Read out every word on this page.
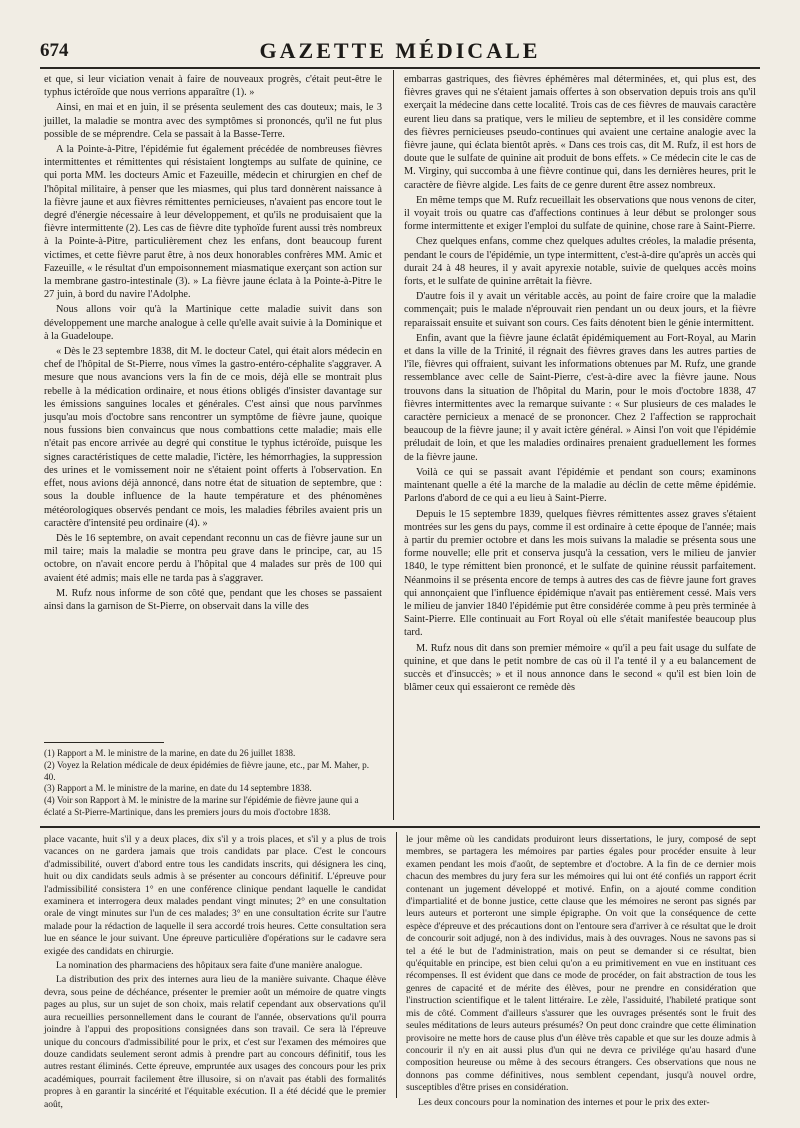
674	GAZETTE MÉDICALE

et que, si leur viciation venait à faire de nouveaux progrès, c'était peut-être le typhus ictéroïde que nous verrions apparaître (1). »

Ainsi, en mai et en juin, il se présenta seulement des cas douteux; mais, le 3 juillet, la maladie se montra avec des symptômes si prononcés, qu'il ne fut plus possible de se méprendre. Cela se passait à la Basse-Terre.

A la Pointe-à-Pitre, l'épidémie fut également précédée de nombreuses fièvres intermittentes et rémittentes qui résistaient longtemps au sulfate de quinine, ce qui porta MM. les docteurs Amic et Fazeuille, médecin et chirurgien en chef de l'hôpital militaire, à penser que les miasmes, qui plus tard donnèrent naissance à la fièvre jaune et aux fièvres rémittentes pernicieuses, n'avaient pas encore tout le degré d'énergie nécessaire à leur développement, et qu'ils ne produisaient que la fièvre intermittente (2). Les cas de fièvre dite typhoïde furent aussi très nombreux à la Pointe-à-Pitre, particulièrement chez les enfans, dont beaucoup furent victimes, et cette fièvre parut être, à nos deux honorables confrères MM. Amic et Fazeuille, « le résultat d'un empoisonnement miasmatique exerçant son action sur la membrane gastro-intestinale (3). » La fièvre jaune éclata à la Pointe-à-Pitre le 27 juin, à bord du navire l'Adolphe.

Nous allons voir qu'à la Martinique cette maladie suivit dans son développement une marche analogue à celle qu'elle avait suivie à la Dominique et à la Guadeloupe.

« Dès le 23 septembre 1838, dit M. le docteur Catel, qui était alors médecin en chef de l'hôpital de St-Pierre, nous vîmes la gastro-entéro-céphalite s'aggraver. A mesure que nous avancions vers la fin de ce mois, déjà elle se montrait plus rebelle à la médication ordinaire, et nous étions obligés d'insister davantage sur les émissions sanguines locales et générales. C'est ainsi que nous parvînmes jusqu'au mois d'octobre sans rencontrer un symptôme de fièvre jaune, quoique nous fussions bien convaincus que nous combattions cette maladie; mais elle n'était pas encore arrivée au degré qui constitue le typhus ictéroïde, puisque les signes caractéristiques de cette maladie, l'ictère, les hémorrhagies, la suppression des urines et le vomissement noir ne s'étaient point offerts à l'observation. En effet, nous avions déjà annoncé, dans notre état de situation de septembre, que : sous la double influence de la haute température et des phénomènes météorologiques observés pendant ce mois, les maladies fébriles avaient pris un caractère d'intensité peu ordinaire (4). »

Dès le 16 septembre, on avait cependant reconnu un cas de fièvre jaune sur un mil taire; mais la maladie se montra peu grave dans le principe, car, au 15 octobre, on n'avait encore perdu à l'hôpital que 4 malades sur près de 100 qui avaient été admis; mais elle ne tarda pas à s'aggraver.

M. Rufz nous informe de son côté que, pendant que les choses se passaient ainsi dans la garnison de St-Pierre, on observait dans la ville des

(1) Rapport a M. le ministre de la marine, en date du 26 juillet 1838.

(2) Voyez la Relation médicale de deux épidémies de fièvre jaune, etc., par M. Maher, p. 40.

(3) Rapport a M. le ministre de la marine, en date du 14 septembre 1838.

(4) Voir son Rapport à M. le ministre de la marine sur l'épidémie de fièvre jaune qui a éclaté a St-Pierre-Martinique, dans les premiers jours du mois d'octobre 1838.

embarras gastriques, des fièvres éphémères mal déterminées, et, qui plus est, des fièvres graves qui ne s'étaient jamais offertes à son observation depuis trois ans qu'il exerçait la médecine dans cette localité. Trois cas de ces fièvres de mauvais caractère eurent lieu dans sa pratique, vers le milieu de septembre, et il les considère comme des fièvres pernicieuses pseudo-continues qui avaient une certaine analogie avec la fièvre jaune, qui éclata bientôt après. « Dans ces trois cas, dit M. Rufz, il est hors de doute que le sulfate de quinine ait produit de bons effets. » Ce médecin cite le cas de M. Virginy, qui succomba à une fièvre continue qui, dans les dernières heures, prit le caractère de fièvre algide. Les faits de ce genre durent être assez nombreux.

En même temps que M. Rufz recueillait les observations que nous venons de citer, il voyait trois ou quatre cas d'affections continues à leur début se prolonger sous forme intermittente et exiger l'emploi du sulfate de quinine, chose rare à Saint-Pierre.

Chez quelques enfans, comme chez quelques adultes créoles, la maladie présenta, pendant le cours de l'épidémie, un type intermittent, c'est-à-dire qu'après un accès qui durait 24 à 48 heures, il y avait apyrexie notable, suivie de quelques accès moins forts, et le sulfate de quinine arrêtait la fièvre.

D'autre fois il y avait un véritable accès, au point de faire croire que la maladie commençait; puis le malade n'éprouvait rien pendant un ou deux jours, et la fièvre reparaissait ensuite et suivant son cours. Ces faits dénotent bien le génie intermittent.

Enfin, avant que la fièvre jaune éclatât épidémiquement au Fort-Royal, au Marin et dans la ville de la Trinité, il régnait des fièvres graves dans les autres parties de l'île, fièvres qui offraient, suivant les informations obtenues par M. Rufz, une grande ressemblance avec celle de Saint-Pierre, c'est-à-dire avec la fièvre jaune. Nous trouvons dans la situation de l'hôpital du Marin, pour le mois d'octobre 1838, 47 fièvres intermittentes avec la remarque suivante : « Sur plusieurs de ces malades le caractère pernicieux a menacé de se prononcer. Chez 2 l'affection se rapprochait beaucoup de la fièvre jaune; il y avait ictère général. » Ainsi l'on voit que l'épidémie préludait de loin, et que les maladies ordinaires prenaient graduellement les formes de la fièvre jaune.

Voilà ce qui se passait avant l'épidémie et pendant son cours; examinons maintenant quelle a été la marche de la maladie au déclin de cette même épidémie. Parlons d'abord de ce qui a eu lieu à Saint-Pierre.

Depuis le 15 septembre 1839, quelques fièvres rémittentes assez graves s'étaient montrées sur les gens du pays, comme il est ordinaire à cette époque de l'année; mais à partir du premier octobre et dans les mois suivans la maladie se présenta sous une forme nouvelle; elle prit et conserva jusqu'à la cessation, vers le milieu de janvier 1840, le type rémittent bien prononcé, et le sulfate de quinine réussit parfaitement. Néanmoins il se présenta encore de temps à autres des cas de fièvre jaune fort graves qui annonçaient que l'influence épidémique n'avait pas entièrement cessé. Mais vers le milieu de janvier 1840 l'épidémie put être considérée comme à peu près terminée à Saint-Pierre. Elle continuait au Fort Royal où elle s'était manifestée beaucoup plus tard.

M. Rufz nous dit dans son premier mémoire « qu'il a peu fait usage du sulfate de quinine, et que dans le petit nombre de cas où il l'a tenté il y a eu balancement de succès et d'insuccès; » et il nous annonce dans le second « qu'il est bien loin de blâmer ceux qui essaieront ce remède dès

place vacante, huit s'il y a deux places, dix s'il y a trois places, et s'il y a plus de trois vacances on ne gardera jamais que trois candidats par place. C'est le concours d'admissibilité, ouvert d'abord entre tous les candidats inscrits, qui désignera les cinq, huit ou dix candidats seuls admis à se présenter au concours définitif. L'épreuve pour l'admissibilité consistera 1° en une conférence clinique pendant laquelle le candidat examinera et interrogera deux malades pendant vingt minutes; 2° en une consultation orale de vingt minutes sur l'un de ces malades; 3° en une consultation écrite sur l'autre malade pour la rédaction de laquelle il sera accordé trois heures. Cette consultation sera lue en séance le jour suivant. Une épreuve particulière d'opérations sur le cadavre sera exigée des candidats en chirurgie.

La nomination des pharmaciens des hôpitaux sera faite d'une manière analogue.

La distribution des prix des internes aura lieu de la manière suivante. Chaque élève devra, sous peine de déchéance, présenter le premier août un mémoire de quatre vingts pages au plus, sur un sujet de son choix, mais relatif cependant aux observations qu'il aura recueillies personnellement dans le courant de l'année, observations qu'il pourra joindre à l'appui des propositions consignées dans son travail. Ce sera là l'épreuve unique du concours d'admissibilité pour le prix, et c'est sur l'examen des mémoires que douze candidats seulement seront admis à prendre part au concours définitif, tous les autres restant éliminés. Cette épreuve, empruntée aux usages des concours pour les prix académiques, pourrait facilement être illusoire, si on n'avait pas établi des formalités propres à en garantir la sincérité et l'équitable exécution. Il a été décidé que le premier août,

le jour même où les candidats produiront leurs dissertations, le jury, composé de sept membres, se partagera les mémoires par parties égales pour procéder ensuite à leur examen pendant les mois d'août, de septembre et d'octobre. A la fin de ce dernier mois chacun des membres du jury fera sur les mémoires qui lui ont été confiés un rapport écrit contenant un jugement développé et motivé. Enfin, on a ajouté comme condition d'impartialité et de bonne justice, cette clause que les mémoires ne seront pas signés par leurs auteurs et porteront une simple épigraphe. On voit que la conséquence de cette espèce d'épreuve et des précautions dont on l'entoure sera d'arriver à ce résultat que le droit de concourir soit adjugé, non à des individus, mais à des ouvrages. Nous ne savons pas si tel a été le but de l'administration, mais on peut se demander si ce résultat, bien qu'équitable en principe, est bien celui qu'on a eu primitivement en vue en instituant ces récompenses. Il est évident que dans ce mode de procéder, on fait abstraction de tous les genres de capacité et de mérite des élèves, pour ne prendre en considération que l'instruction scientifique et le talent littéraire. Le zèle, l'assiduité, l'habileté pratique sont mis de côté. Comment d'ailleurs s'assurer que les ouvrages présentés sont le fruit des seules méditations de leurs auteurs présumés? On peut donc craindre que cette élimination provisoire ne mette hors de cause plus d'un élève très capable et que sur les douze admis à concourir il n'y en ait aussi plus d'un qui ne devra ce privilége qu'au hasard d'une composition heureuse ou même à des secours étrangers. Ces observations que nous ne donnons pas comme définitives, nous semblent cependant, jusqu'à nouvel ordre, susceptibles d'être prises en considération.

Les deux concours pour la nomination des internes et pour le prix des exter-
